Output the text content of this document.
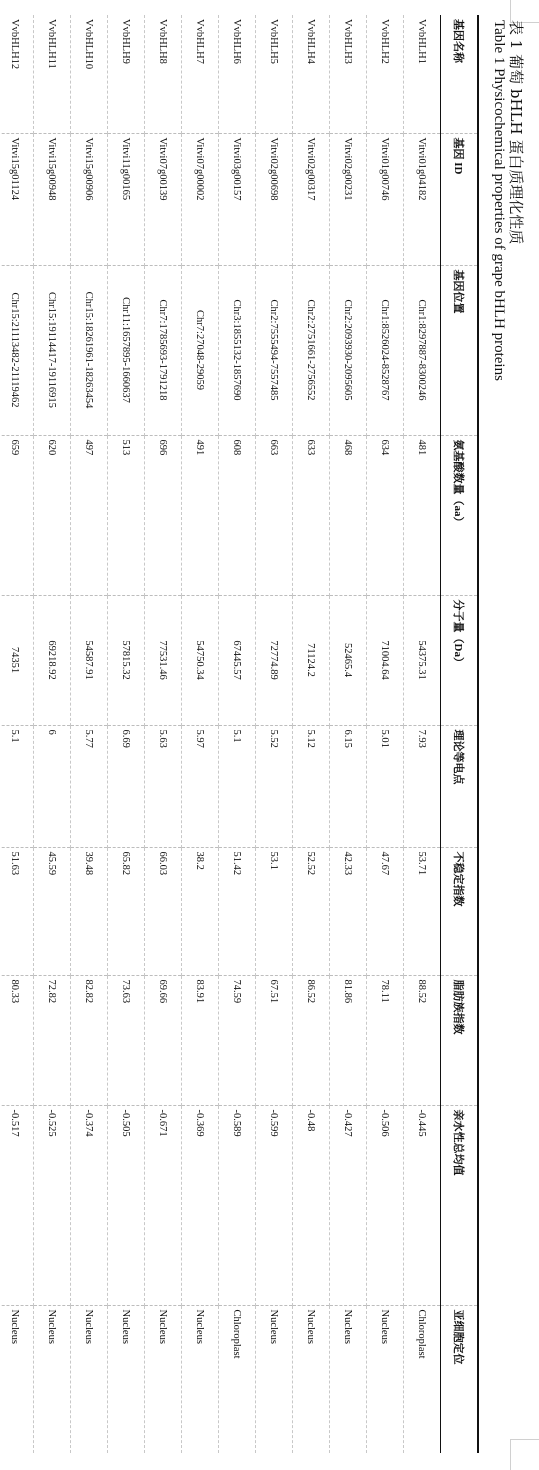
表 1 葡萄 bHLH 蛋白质理化性质
Table 1 Physicochemical properties of grape bHLH proteins
基因名称	基因 ID	基因位置	氨基酸数量（aa）	分子量（Da）	理论等电点	不稳定指数	脂肪族指数	亲水性总均值	亚细胞定位
VvbHLH1	Vitvi01g04182	Chr1:8297887-8300246	481	54375.31	7.93	53.71	88.52	-0.445	Chloroplast
VvbHLH2	Vitvi01g00746	Chr1:8526024-8528767	634	71004.64	5.01	47.67	78.11	-0.506	Nucleus
VvbHLH3	Vitvi02g00231	Chr2:2093930-2095605	468	52465.4	6.15	42.33	81.86	-0.427	Nucleus
VvbHLH4	Vitvi02g00317	Chr2:2751661-2756552	633	71124.2	5.12	52.52	86.52	-0.48	Nucleus
VvbHLH5	Vitvi02g00698	Chr2:7555494-7557485	663	72774.89	5.52	53.1	67.51	-0.599	Nucleus
VvbHLH6	Vitvi03g00157	Chr3:1855132-1857690	608	67445.57	5.1	51.42	74.59	-0.589	Chloroplast
VvbHLH7	Vitvi07g00002	Chr7:27048-29059	491	54750.34	5.97	38.2	83.91	-0.369	Nucleus
VvbHLH8	Vitvi07g00139	Chr7:1785693-1791218	696	77531.46	5.63	66.03	69.66	-0.671	Nucleus
VvbHLH9	Vitvi11g00165	Chr11:1657895-1660637	513	57815.32	6.69	65.82	73.63	-0.505	Nucleus
VvbHLH10	Vitvi15g00906	Chr15:18261961-18263454	497	54587.91	5.77	39.48	82.82	-0.374	Nucleus
VvbHLH11	Vitvi15g00948	Chr15:19114417-19116915	620	69218.92	6	45.59	72.82	-0.525	Nucleus
VvbHLH12	Vitvi15g01124	Chr15:21113482-21119462	659	74351	5.1	51.63	80.33	-0.517	Nucleus
